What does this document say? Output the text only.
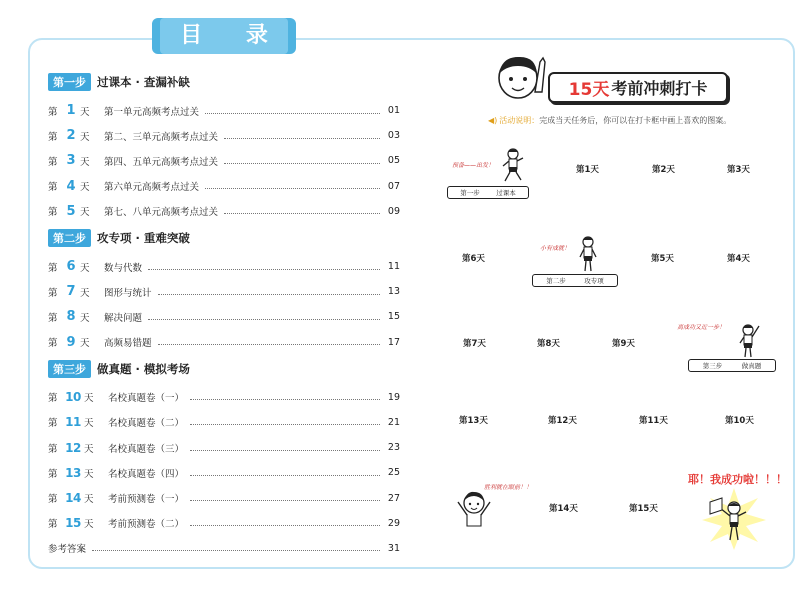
目 录
第一步 过课本 · 查漏补缺
第 1 天	第一单元高频考点过关	01
第 2 天	第二、三单元高频考点过关	03
第 3 天	第四、五单元高频考点过关	05
第 4 天	第六单元高频考点过关	07
第 5 天	第七、八单元高频考点过关	09
第二步 攻专项 · 重难突破
第 6 天	数与代数	11
第 7 天	图形与统计	13
第 8 天	解决问题	15
第 9 天	高频易错题	17
第三步 做真题 · 模拟考场
第 10 天	名校真题卷（一）	19
第 11 天	名校真题卷（二）	21
第 12 天	名校真题卷（三）	23
第 13 天	名校真题卷（四）	25
第 14 天	考前预测卷（一）	27
第 15 天	考前预测卷（二）	29
参考答案	31
15天 考前冲刺打卡
◀) 活动说明：完成当天任务后，你可以在打卡框中画上喜欢的图案。
预备——出发！
第一步	过课本
第1天	第2天	第3天
第6天
小有成就！
第二步	攻专项
第5天	第4天
第7天	第8天	第9天
离成功又近一步！
第三步	做真题
第13天	第12天	第11天	第10天
胜利就在眼前！！
第14天	第15天
耶！我成功啦！！！
